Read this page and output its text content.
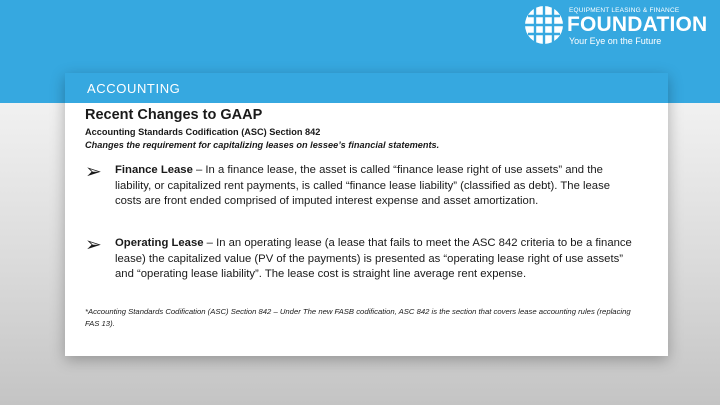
EQUIPMENT LEASING & FINANCE
FOUNDATION
Your Eye on the Future
ACCOUNTING
Recent Changes to GAAP
Accounting Standards Codification (ASC) Section 842
Changes the requirement for capitalizing leases on lessee’s financial statements.
➢ Finance Lease – In a finance lease, the asset is called “finance lease right of use assets” and the liability, or capitalized rent payments, is called “finance lease liability” (classified as debt). The lease costs are front ended comprised of imputed interest expense and asset amortization.
➢ Operating Lease – In an operating lease (a lease that fails to meet the ASC 842 criteria to be a finance lease) the capitalized value (PV of the payments) is presented as “operating lease right of use assets” and “operating lease liability”. The lease cost is straight line average rent expense.
*Accounting Standards Codification (ASC) Section 842 – Under The new FASB codification, ASC 842 is the section that covers lease accounting rules (replacing FAS 13).
